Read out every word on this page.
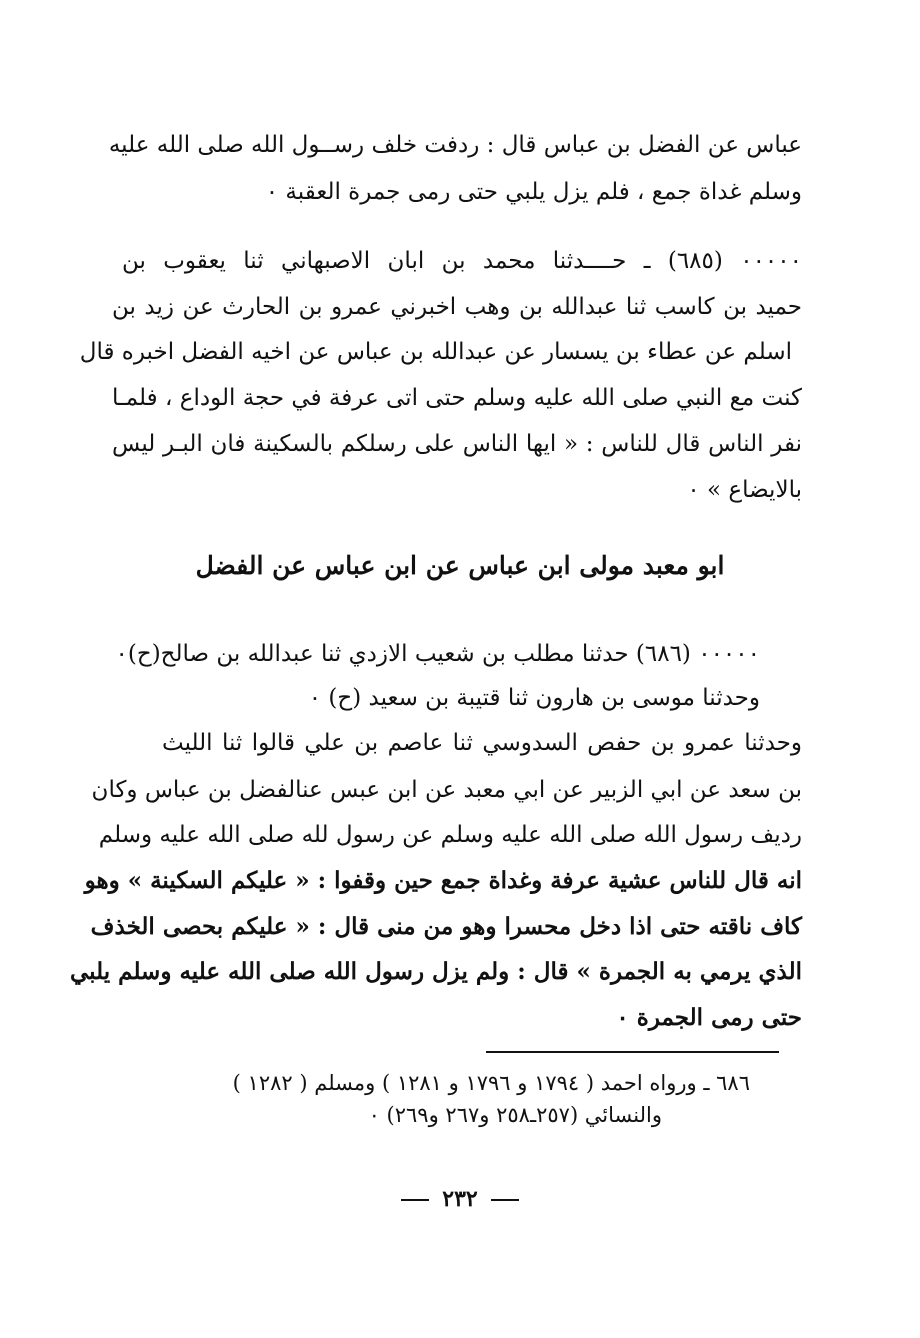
عباس عن الفضل بن عباس قال : ردفت خلف رســول الله صلى الله عليه
وسلم غداة جمع ، فلم يزل يلبي حتى رمى جمرة العقبة ٠
٠٠٠٠٠ (٦٨٥) ـ حــــدثنا محمد بن ابان الاصبهاني ثنا يعقوب بن
حميد بن كاسب ثنا عبدالله بن وهب اخبرني عمرو بن الحارث عن زيد بن
اسلم عن عطاء بن يسسار عن عبدالله بن عباس عن اخيه الفضل اخبره قال
كنت مع النبي صلى الله عليه وسلم حتى اتى عرفة في حجة الوداع ، فلمـا
نفر الناس قال للناس : « ايها الناس على رسلكم بالسكينة فان البـر ليس
بالايضاع » ٠
ابو معبد مولى ابن عباس عن ابن عباس عن الفضل
٠٠٠٠٠ (٦٨٦) حدثنا مطلب بن شعيب الازدي ثنا عبدالله بن صالح(ح)٠
وحدثنا موسى بن هارون ثنا قتيبة بن سعيد (ح) ٠
وحدثنا عمرو بن حفص السدوسي ثنا عاصم بن علي قالوا ثنا الليث
بن سعد عن ابي الزبير عن ابي معبد عن ابن عبس عنالفضل بن عباس وكان
رديف رسول الله صلى الله عليه وسلم عن رسول لله صلى الله عليه وسلم
انه قال للناس عشية عرفة وغداة جمع حين وقفوا : « عليكم السكينة » وهو
كاف ناقته حتى اذا دخل محسرا وهو من منى قال : « عليكم بحصى الخذف
الذي يرمي به الجمرة » قال : ولم يزل رسول الله صلى الله عليه وسلم يلبي
حتى رمى الجمرة ٠
٦٨٦ ـ ورواه احمد ( ١٧٩٤ و ١٧٩٦ و ١٢٨١ ) ومسلم ( ١٢٨٢ )
والنسائي (٢٥٧ـ٢٥٨ و٢٦٧ و٢٦٩) ٠
٢٣٢
